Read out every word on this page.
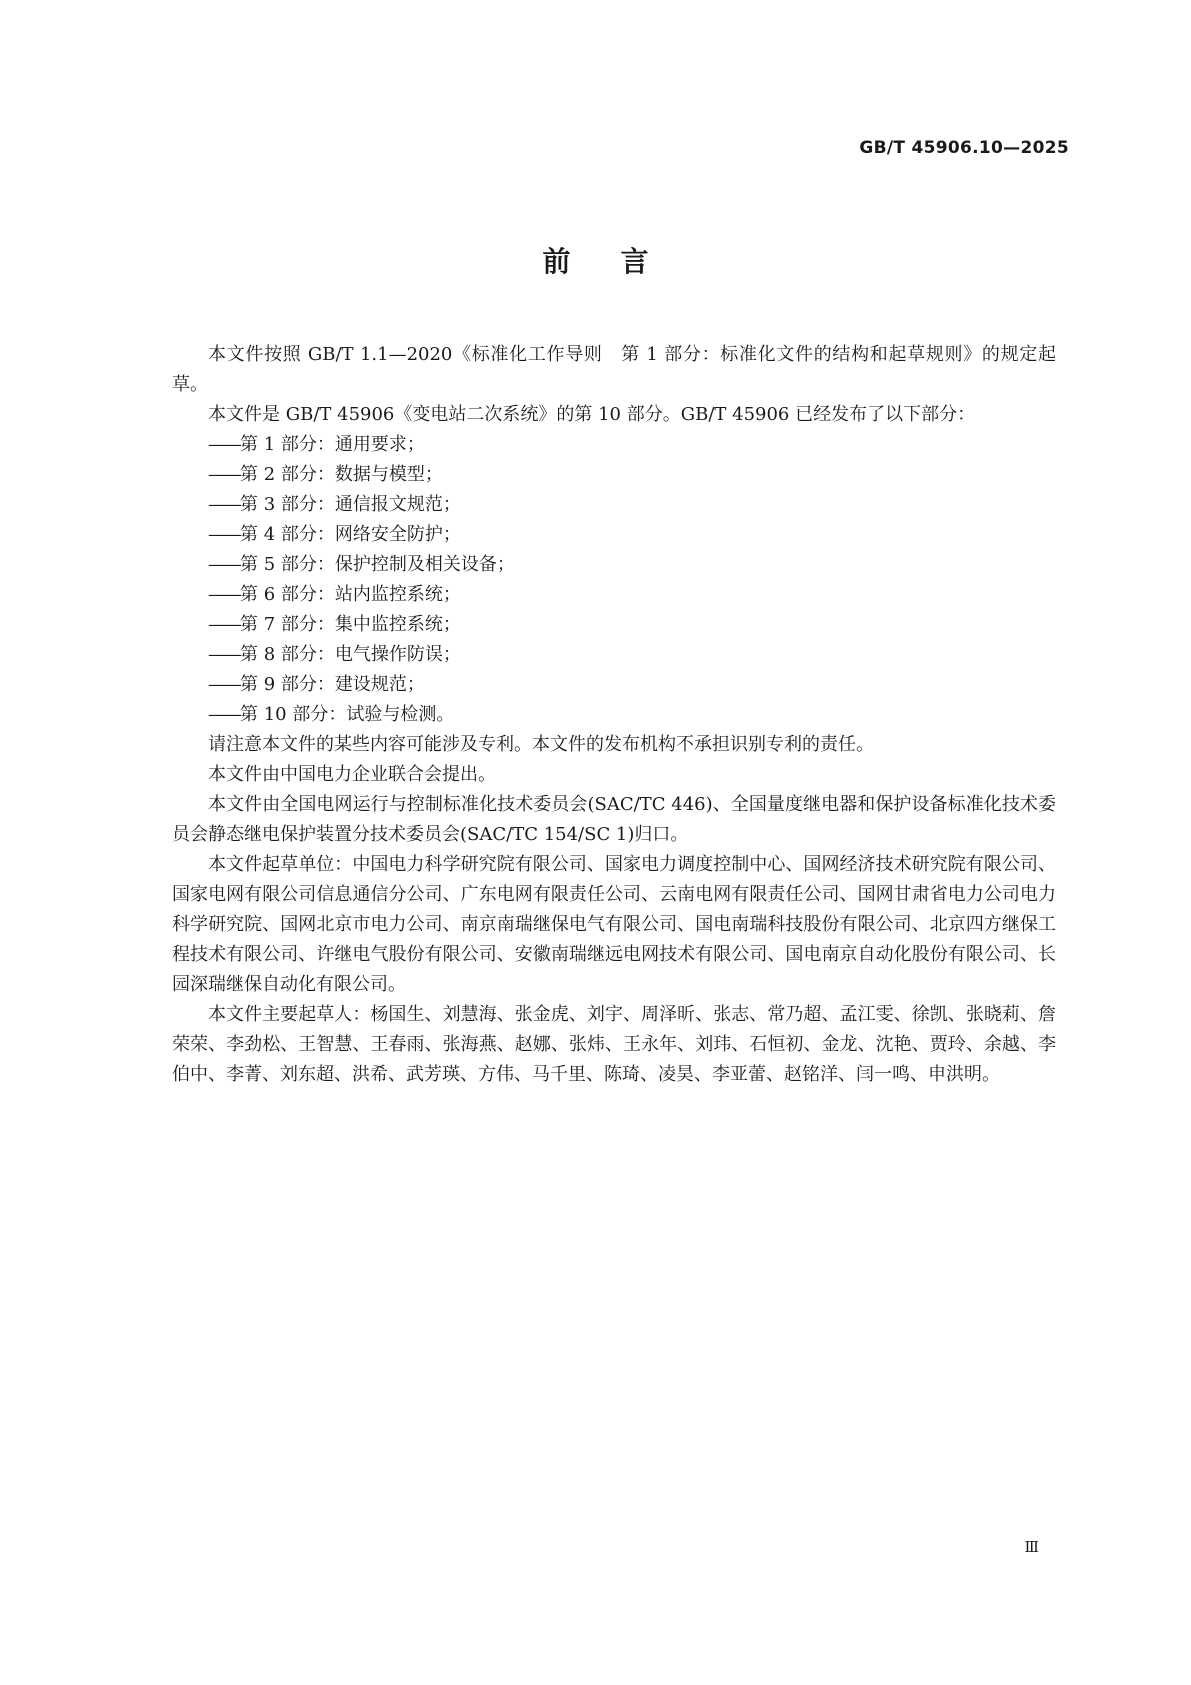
GB/T 45906.10—2025

前言

本文件按照 GB/T 1.1—2020《标准化工作导则　第 1 部分：标准化文件的结构和起草规则》的规定起草。

本文件是 GB/T 45906《变电站二次系统》的第 10 部分。GB/T 45906 已经发布了以下部分：

——第 1 部分：通用要求；
——第 2 部分：数据与模型；
——第 3 部分：通信报文规范；
——第 4 部分：网络安全防护；
——第 5 部分：保护控制及相关设备；
——第 6 部分：站内监控系统；
——第 7 部分：集中监控系统；
——第 8 部分：电气操作防误；
——第 9 部分：建设规范；
——第 10 部分：试验与检测。

请注意本文件的某些内容可能涉及专利。本文件的发布机构不承担识别专利的责任。

本文件由中国电力企业联合会提出。

本文件由全国电网运行与控制标准化技术委员会(SAC/TC 446)、全国量度继电器和保护设备标准化技术委员会静态继电保护装置分技术委员会(SAC/TC 154/SC 1)归口。

本文件起草单位：中国电力科学研究院有限公司、国家电力调度控制中心、国网经济技术研究院有限公司、国家电网有限公司信息通信分公司、广东电网有限责任公司、云南电网有限责任公司、国网甘肃省电力公司电力科学研究院、国网北京市电力公司、南京南瑞继保电气有限公司、国电南瑞科技股份有限公司、北京四方继保工程技术有限公司、许继电气股份有限公司、安徽南瑞继远电网技术有限公司、国电南京自动化股份有限公司、长园深瑞继保自动化有限公司。

本文件主要起草人：杨国生、刘慧海、张金虎、刘宇、周泽昕、张志、常乃超、孟江雯、徐凯、张晓莉、詹荣荣、李劲松、王智慧、王春雨、张海燕、赵娜、张炜、王永年、刘玮、石恒初、金龙、沈艳、贾玲、余越、李伯中、李菁、刘东超、洪希、武芳瑛、方伟、马千里、陈琦、凌昊、李亚蕾、赵铭洋、闫一鸣、申洪明。

Ⅲ
